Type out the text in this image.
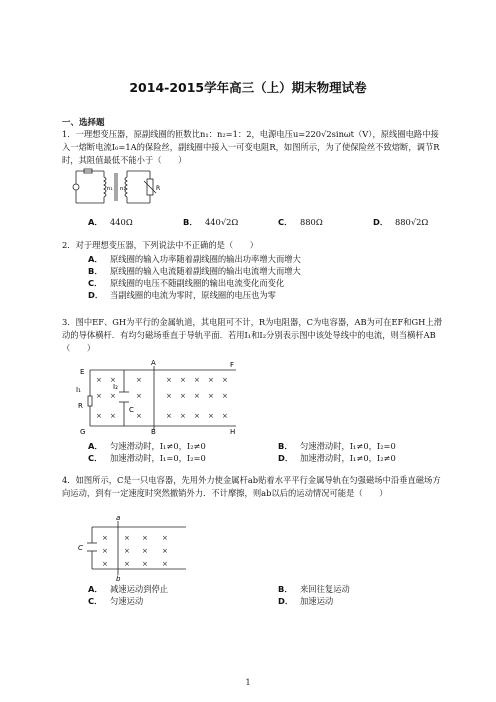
2014-2015学年高三（上）期末物理试卷
一、选择题
1．一理想变压器，原副线圈的匝数比n₁：n₂=1：2，电源电压u=220√2sinωt（V），原线圈电路中接入一熔断电流I₀=1A的保险丝，副线圈中接入一可变电阻R，如图所示，为了使保险丝不致熔断，调节R时，其阻值最低不能小于（　　）
n₁ n₂	R
A． 440Ω	B． 440√2Ω	C． 880Ω	D． 880√2Ω
2．对于理想变压器，下列说法中不正确的是（　　）
A． 原线圈的输入功率随着副线圈的输出功率增大而增大
B． 原线圈的输入电流随着副线圈的输出电流增大而增大
C． 原线圈的电压不随副线圈的输出电流变化而变化
D． 当副线圈的电流为零时，原线圈的电压也为零
3．图中EF、GH为平行的金属轨道，其电阻可不计，R为电阻器，C为电容器，AB为可在EF和GH上滑动的导体横杆．有均匀磁场垂直于导轨平面．若用I₁和I₂分别表示图中该处导线中的电流，则当横杆AB（　　）
× ×	×	× × × × ×
× ×	×	× × × × ×
× ×	×	× × × × ×
E
F
G	H
A
B
I₁
R
I₂
C
A． 匀速滑动时，I₁≠0，I₂≠0	B． 匀速滑动时，I₁≠0，I₂=0
C． 加速滑动时，I₁=0，I₂=0	D． 加速滑动时，I₁≠0，I₂≠0
4．如图所示，C是一只电容器，先用外力使金属杆ab贴着水平平行金属导轨在匀强磁场中沿垂直磁场方向运动，到有一定速度时突然撤销外力．不计摩擦，则ab以后的运动情况可能是（　　）
× × × ×
× × × ×
× × × ×
a
b
C
A． 减速运动到停止	B． 来回往复运动
C． 匀速运动	D． 加速运动
1
